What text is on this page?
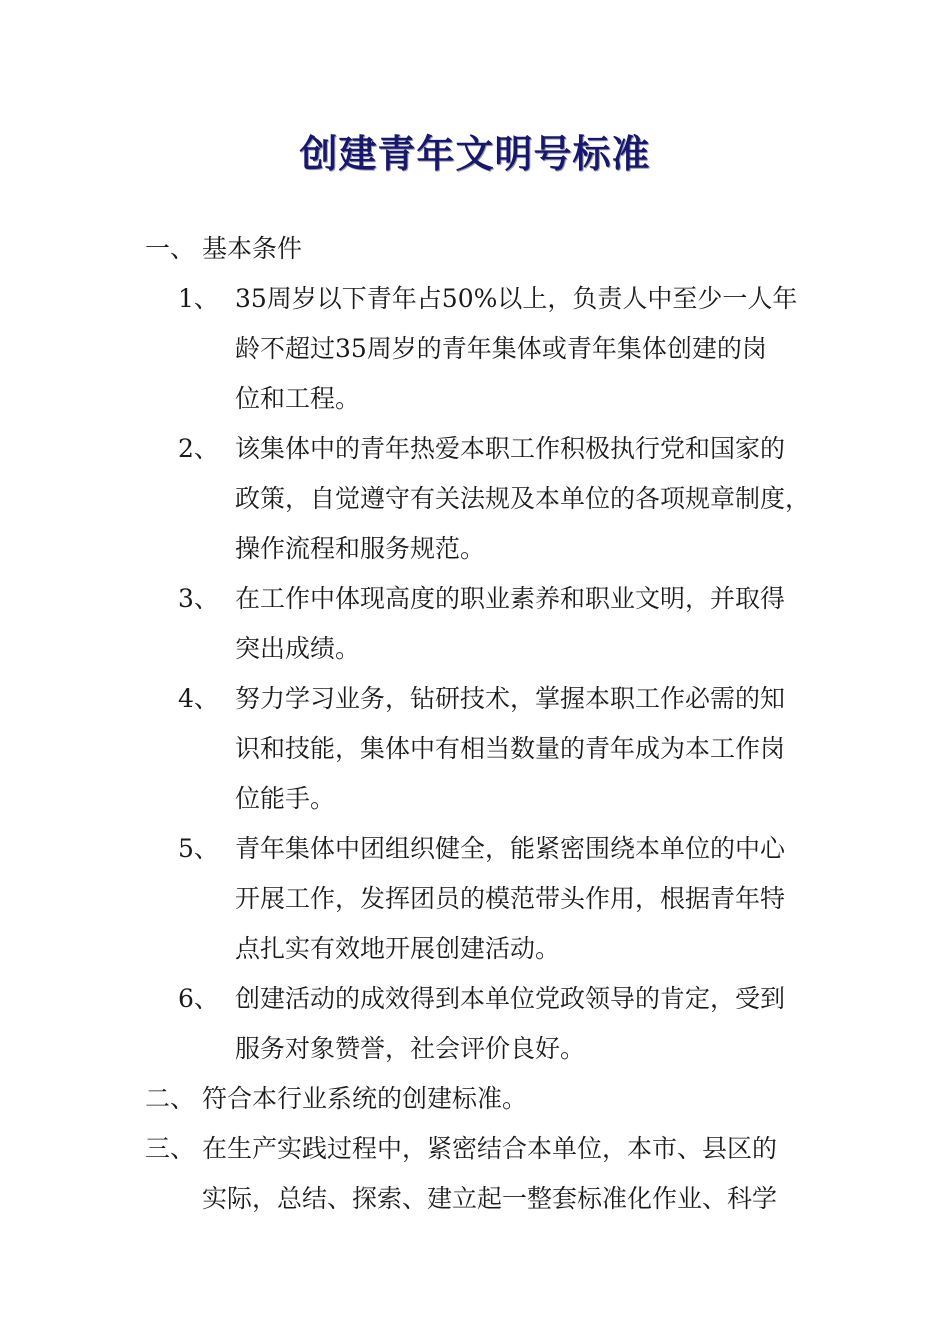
创建青年文明号标准
一、 基本条件
1、 35周岁以下青年占50%以上，负责人中至少一人年
龄不超过35周岁的青年集体或青年集体创建的岗
位和工程。
2、 该集体中的青年热爱本职工作积极执行党和国家的
政策，自觉遵守有关法规及本单位的各项规章制度，
操作流程和服务规范。
3、 在工作中体现高度的职业素养和职业文明，并取得
突出成绩。
4、 努力学习业务，钻研技术，掌握本职工作必需的知
识和技能，集体中有相当数量的青年成为本工作岗
位能手。
5、 青年集体中团组织健全，能紧密围绕本单位的中心
开展工作，发挥团员的模范带头作用，根据青年特
点扎实有效地开展创建活动。
6、 创建活动的成效得到本单位党政领导的肯定，受到
服务对象赞誉，社会评价良好。
二、 符合本行业系统的创建标准。
三、 在生产实践过程中，紧密结合本单位，本市、县区的
实际，总结、探索、建立起一整套标准化作业、科学
